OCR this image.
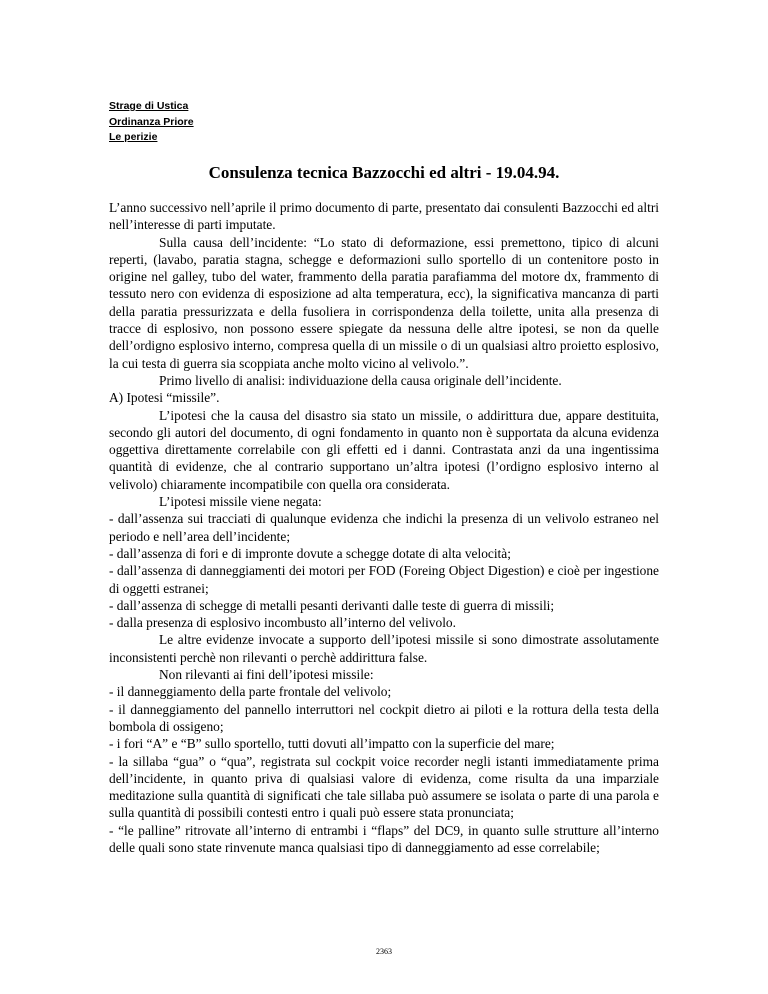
Strage di Ustica
Ordinanza Priore
Le perizie
Consulenza tecnica Bazzocchi ed altri - 19.04.94.

L’anno successivo nell’aprile il primo documento di parte, presentato dai consulenti Bazzocchi ed altri nell’interesse di parti imputate.

Sulla causa dell’incidente: “Lo stato di deformazione, essi premettono, tipico di alcuni reperti, (lavabo, paratia stagna, schegge e deformazioni sullo sportello di un contenitore posto in origine nel galley, tubo del water, frammento della paratia parafiamma del motore dx, frammento di tessuto nero con evidenza di esposizione ad alta temperatura, ecc), la significativa mancanza di parti della paratia pressurizzata e della fusoliera in corrispondenza della toilette, unita alla presenza di tracce di esplosivo, non possono essere spiegate da nessuna delle altre ipotesi, se non da quelle dell’ordigno esplosivo interno, compresa quella di un missile o di un qualsiasi altro proietto esplosivo, la cui testa di guerra sia scoppiata anche molto vicino al velivolo.”.

Primo livello di analisi: individuazione della causa originale dell’incidente.

A) Ipotesi “missile”.

L’ipotesi che la causa del disastro sia stato un missile, o addirittura due, appare destituita, secondo gli autori del documento, di ogni fondamento in quanto non è supportata da alcuna evidenza oggettiva direttamente correlabile con gli effetti ed i danni. Contrastata anzi da una ingentissima quantità di evidenze, che al contrario supportano un’altra ipotesi (l’ordigno esplosivo interno al velivolo) chiaramente incompatibile con quella ora considerata.

L’ipotesi missile viene negata:

- dall’assenza sui tracciati di qualunque evidenza che indichi la presenza di un velivolo estraneo nel periodo e nell’area dell’incidente;

- dall’assenza di fori e di impronte dovute a schegge dotate di alta velocità;

- dall’assenza di danneggiamenti dei motori per FOD (Foreing Object Digestion) e cioè per ingestione di oggetti estranei;

- dall’assenza di schegge di metalli pesanti derivanti dalle teste di guerra di missili;

- dalla presenza di esplosivo incombusto all’interno del velivolo.

Le altre evidenze invocate a supporto dell’ipotesi missile si sono dimostrate assolutamente inconsistenti perchè non rilevanti o perchè addirittura false.

Non rilevanti ai fini dell’ipotesi missile:

- il danneggiamento della parte frontale del velivolo;

- il danneggiamento del pannello interruttori nel cockpit dietro ai piloti e la rottura della testa della bombola di ossigeno;

- i fori “A” e “B” sullo sportello, tutti dovuti all’impatto con la superficie del mare;

- la sillaba “gua” o “qua”, registrata sul cockpit voice recorder negli istanti immediatamente prima dell’incidente, in quanto priva di qualsiasi valore di evidenza, come risulta da una imparziale meditazione sulla quantità di significati che tale sillaba può assumere se isolata o parte di una parola e sulla quantità di possibili contesti entro i quali può essere stata pronunciata;

- “le palline” ritrovate all’interno di entrambi i “flaps” del DC9, in quanto sulle strutture all’interno delle quali sono state rinvenute manca qualsiasi tipo di danneggiamento ad esse correlabile;

2363
